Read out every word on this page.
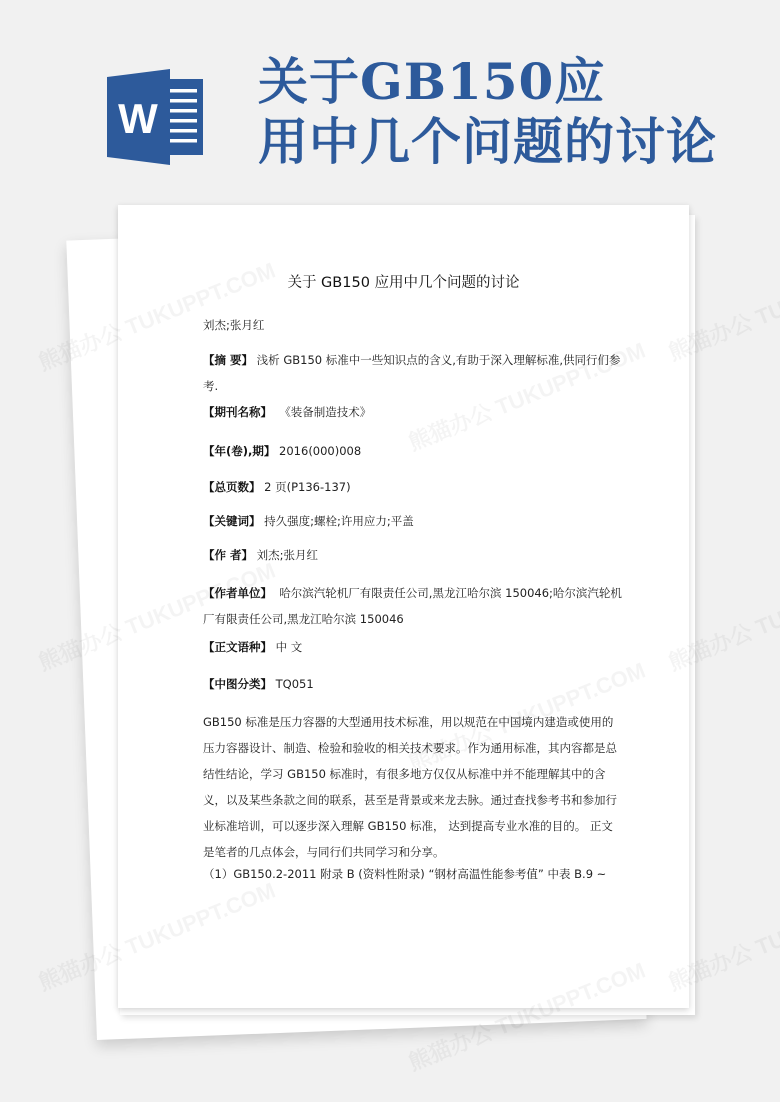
W
关于GB150应
用中几个问题的讨论
关于 GB150 应用中几个问题的讨论
刘杰;张月红
【摘 要】 浅析 GB150 标准中一些知识点的含义,有助于深入理解标准,供同行们参考.
【期刊名称】 《装备制造技术》
【年(卷),期】 2016(000)008
【总页数】 2 页(P136-137)
【关键词】 持久强度;螺栓;许用应力;平盖
【作 者】 刘杰;张月红
【作者单位】 哈尔滨汽轮机厂有限责任公司,黑龙江哈尔滨 150046;哈尔滨汽轮机厂有限责任公司,黑龙江哈尔滨 150046
【正文语种】 中 文
【中图分类】 TQ051
GB150 标准是压力容器的大型通用技术标准，用以规范在中国境内建造或使用的压力容器设计、制造、检验和验收的相关技术要求。作为通用标准，其内容都是总结性结论，学习 GB150 标准时，有很多地方仅仅从标准中并不能理解其中的含义，以及某些条款之间的联系，甚至是背景或来龙去脉。通过查找参考书和参加行业标准培训，可以逐步深入理解 GB150 标准， 达到提高专业水准的目的。 正文是笔者的几点体会，与同行们共同学习和分享。
（1）GB150.2-2011 附录 B (资料性附录) “钢材高温性能参考值” 中表 B.9 ~
